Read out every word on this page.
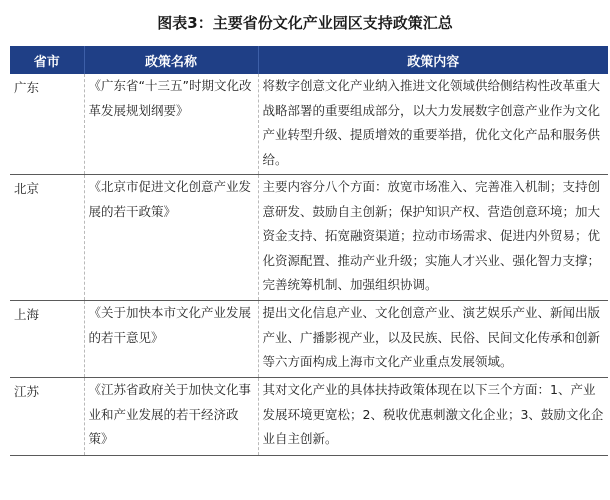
图表3：主要省份文化产业园区支持政策汇总
省市	政策名称	政策内容
广东	《广东省“十三五”时期文化改革发展规划纲要》	将数字创意文化产业纳入推进文化领域供给侧结构性改革重大战略部署的重要组成部分，以大力发展数字创意产业作为文化产业转型升级、提质增效的重要举措，优化文化产品和服务供给。
北京	《北京市促进文化创意产业发展的若干政策》	主要内容分八个方面：放宽市场准入、完善准入机制；支持创意研发、鼓励自主创新；保护知识产权、营造创意环境；加大资金支持、拓宽融资渠道；拉动市场需求、促进内外贸易；优化资源配置、推动产业升级；实施人才兴业、强化智力支撑；完善统筹机制、加强组织协调。
上海	《关于加快本市文化产业发展的若干意见》	提出文化信息产业、文化创意产业、演艺娱乐产业、新闻出版产业、广播影视产业，以及民族、民俗、民间文化传承和创新等六方面构成上海市文化产业重点发展领域。
江苏	《江苏省政府关于加快文化事业和产业发展的若干经济政策》	其对文化产业的具体扶持政策体现在以下三个方面：1、产业发展环境更宽松；2、税收优惠刺激文化企业；3、鼓励文化企业自主创新。
